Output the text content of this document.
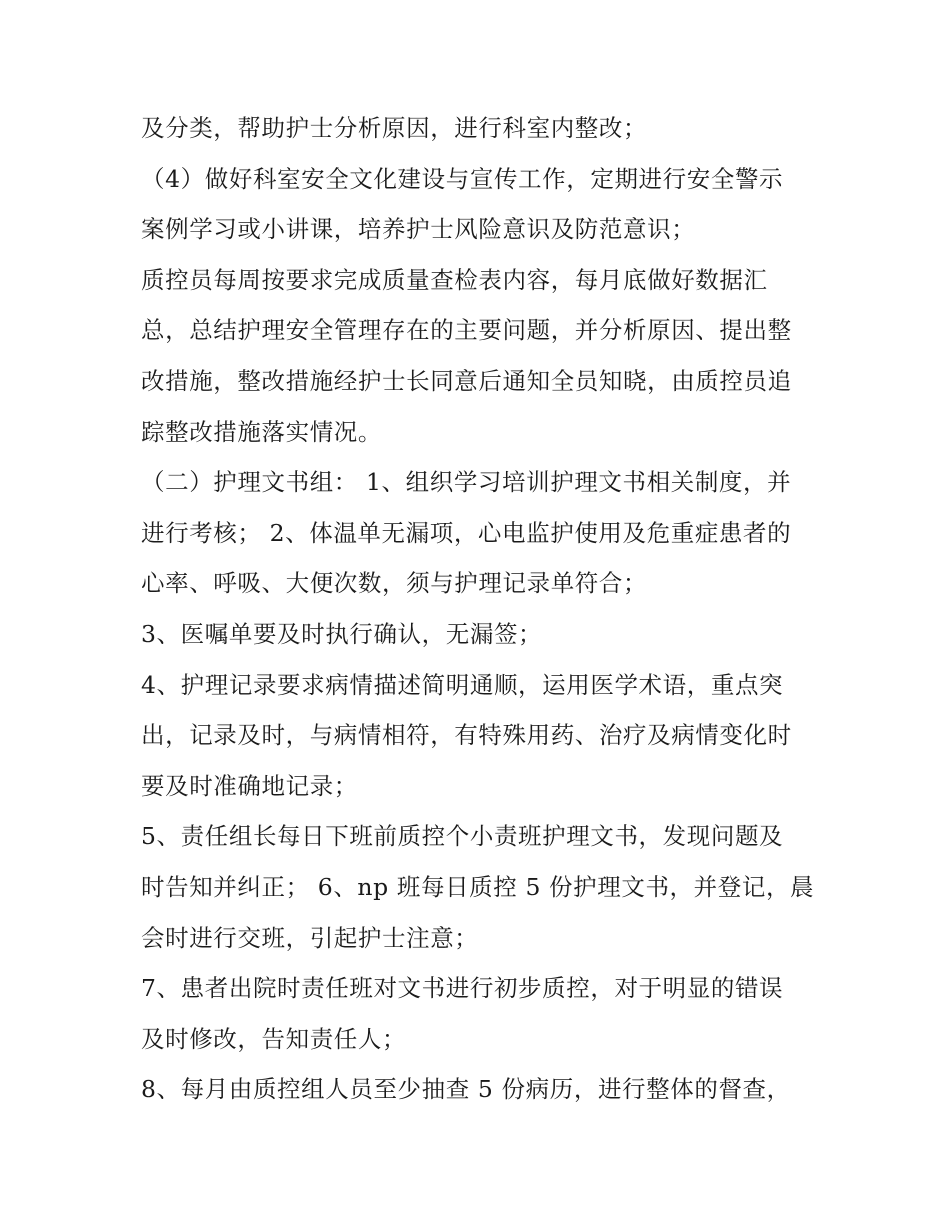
及分类，帮助护士分析原因，进行科室内整改；
（4）做好科室安全文化建设与宣传工作，定期进行安全警示
案例学习或小讲课，培养护士风险意识及防范意识；
质控员每周按要求完成质量查检表内容，每月底做好数据汇
总，总结护理安全管理存在的主要问题，并分析原因、提出整
改措施，整改措施经护士长同意后通知全员知晓，由质控员追
踪整改措施落实情况。
（二）护理文书组： 1、组织学习培训护理文书相关制度，并
进行考核； 2、体温单无漏项，心电监护使用及危重症患者的
心率、呼吸、大便次数，须与护理记录单符合；
3、医嘱单要及时执行确认，无漏签；
4、护理记录要求病情描述简明通顺，运用医学术语，重点突
出，记录及时，与病情相符，有特殊用药、治疗及病情变化时
要及时准确地记录；
5、责任组长每日下班前质控个小责班护理文书，发现问题及
时告知并纠正； 6、np 班每日质控 5 份护理文书，并登记，晨
会时进行交班，引起护士注意；
7、患者出院时责任班对文书进行初步质控，对于明显的错误
及时修改，告知责任人；
8、每月由质控组人员至少抽查 5 份病历，进行整体的督查，
